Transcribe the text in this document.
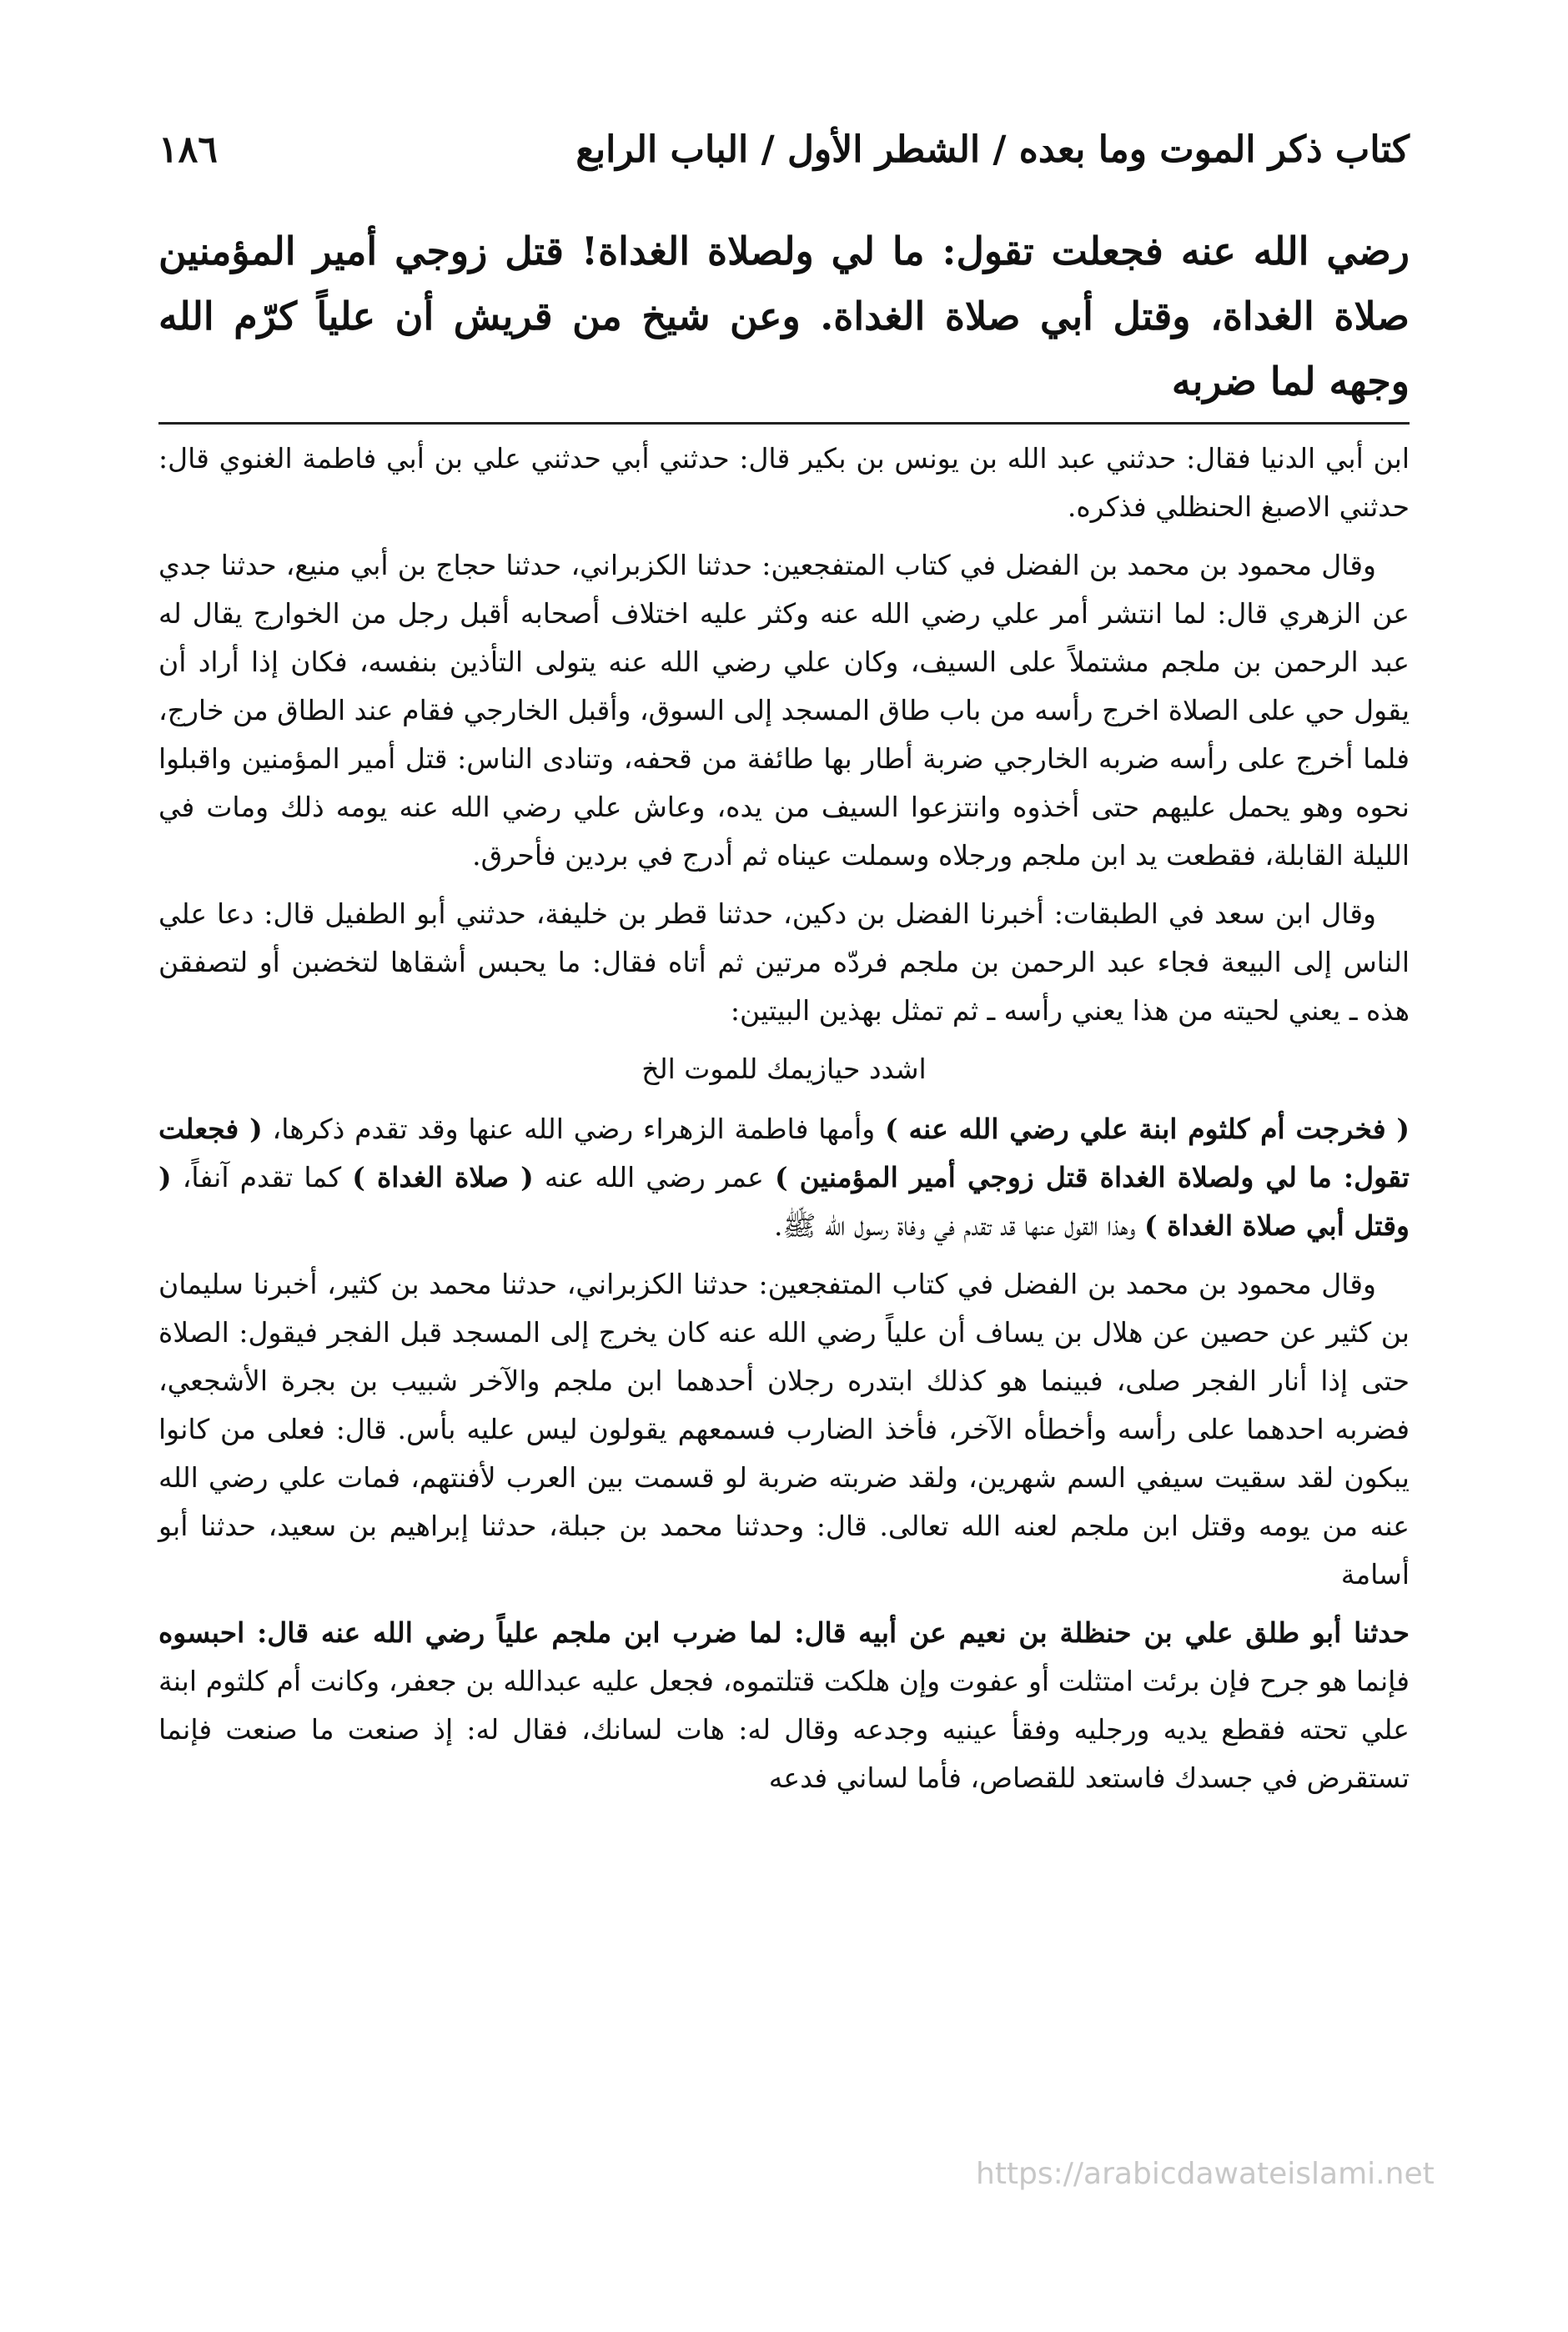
كتاب ذكر الموت وما بعده / الشطر الأول / الباب الرابع
١٨٦
رضي الله عنه فجعلت تقول: ما لي ولصلاة الغداة! قتل زوجي أمير المؤمنين صلاة الغداة، وقتل أبي صلاة الغداة. وعن شيخ من قريش أن علياً كرّم الله وجهه لما ضربه

ابن أبي الدنيا فقال: حدثني عبد الله بن يونس بن بكير قال: حدثني أبي حدثني علي بن أبي فاطمة الغنوي قال: حدثني الاصبغ الحنظلي فذكره.

وقال محمود بن محمد بن الفضل في كتاب المتفجعين: حدثنا الكزبراني، حدثنا حجاج بن أبي منيع، حدثنا جدي عن الزهري قال: لما انتشر أمر علي رضي الله عنه وكثر عليه اختلاف أصحابه أقبل رجل من الخوارج يقال له عبد الرحمن بن ملجم مشتملاً على السيف، وكان علي رضي الله عنه يتولى التأذين بنفسه، فكان إذا أراد أن يقول حي على الصلاة اخرج رأسه من باب طاق المسجد إلى السوق، وأقبل الخارجي فقام عند الطاق من خارج، فلما أخرج على رأسه ضربه الخارجي ضربة أطار بها طائفة من قحفه، وتنادى الناس: قتل أمير المؤمنين واقبلوا نحوه وهو يحمل عليهم حتى أخذوه وانتزعوا السيف من يده، وعاش علي رضي الله عنه يومه ذلك ومات في الليلة القابلة، فقطعت يد ابن ملجم ورجلاه وسملت عيناه ثم أدرج في بردين فأحرق.

وقال ابن سعد في الطبقات: أخبرنا الفضل بن دكين، حدثنا قطر بن خليفة، حدثني أبو الطفيل قال: دعا علي الناس إلى البيعة فجاء عبد الرحمن بن ملجم فردّه مرتين ثم أتاه فقال: ما يحبس أشقاها لتخضبن أو لتصفقن هذه ـ يعني لحيته من هذا يعني رأسه ـ ثم تمثل بهذين البيتين:

اشدد حيازيمك للموت الخ

( فخرجت أم كلثوم ابنة علي رضي الله عنه ) وأمها فاطمة الزهراء رضي الله عنها وقد تقدم ذكرها، ( فجعلت تقول: ما لي ولصلاة الغداة قتل زوجي أمير المؤمنين ) عمر رضي الله عنه ( صلاة الغداة ) كما تقدم آنفاً، ( وقتل أبي صلاة الغداة ) وهذا القول عنها قد تقدم في وفاة رسول الله ﷺ.

وقال محمود بن محمد بن الفضل في كتاب المتفجعين: حدثنا الكزبراني، حدثنا محمد بن كثير، أخبرنا سليمان بن كثير عن حصين عن هلال بن يساف أن علياً رضي الله عنه كان يخرج إلى المسجد قبل الفجر فيقول: الصلاة حتى إذا أنار الفجر صلى، فبينما هو كذلك ابتدره رجلان أحدهما ابن ملجم والآخر شبيب بن بجرة الأشجعي، فضربه احدهما على رأسه وأخطأه الآخر، فأخذ الضارب فسمعهم يقولون ليس عليه بأس. قال: فعلى من كانوا يبكون لقد سقيت سيفي السم شهرين، ولقد ضربته ضربة لو قسمت بين العرب لأفنتهم، فمات علي رضي الله عنه من يومه وقتل ابن ملجم لعنه الله تعالى. قال: وحدثنا محمد بن جبلة، حدثنا إبراهيم بن سعيد، حدثنا أبو أسامة

حدثنا أبو طلق علي بن حنظلة بن نعيم عن أبيه قال: لما ضرب ابن ملجم علياً رضي الله عنه قال: احبسوه فإنما هو جرح فإن برئت امتثلت أو عفوت وإن هلكت قتلتموه، فجعل عليه عبدالله بن جعفر، وكانت أم كلثوم ابنة علي تحته فقطع يديه ورجليه وفقأ عينيه وجدعه وقال له: هات لسانك، فقال له: إذ صنعت ما صنعت فإنما تستقرض في جسدك فاستعد للقصاص، فأما لساني فدعه

https://arabicdawateislami.net
